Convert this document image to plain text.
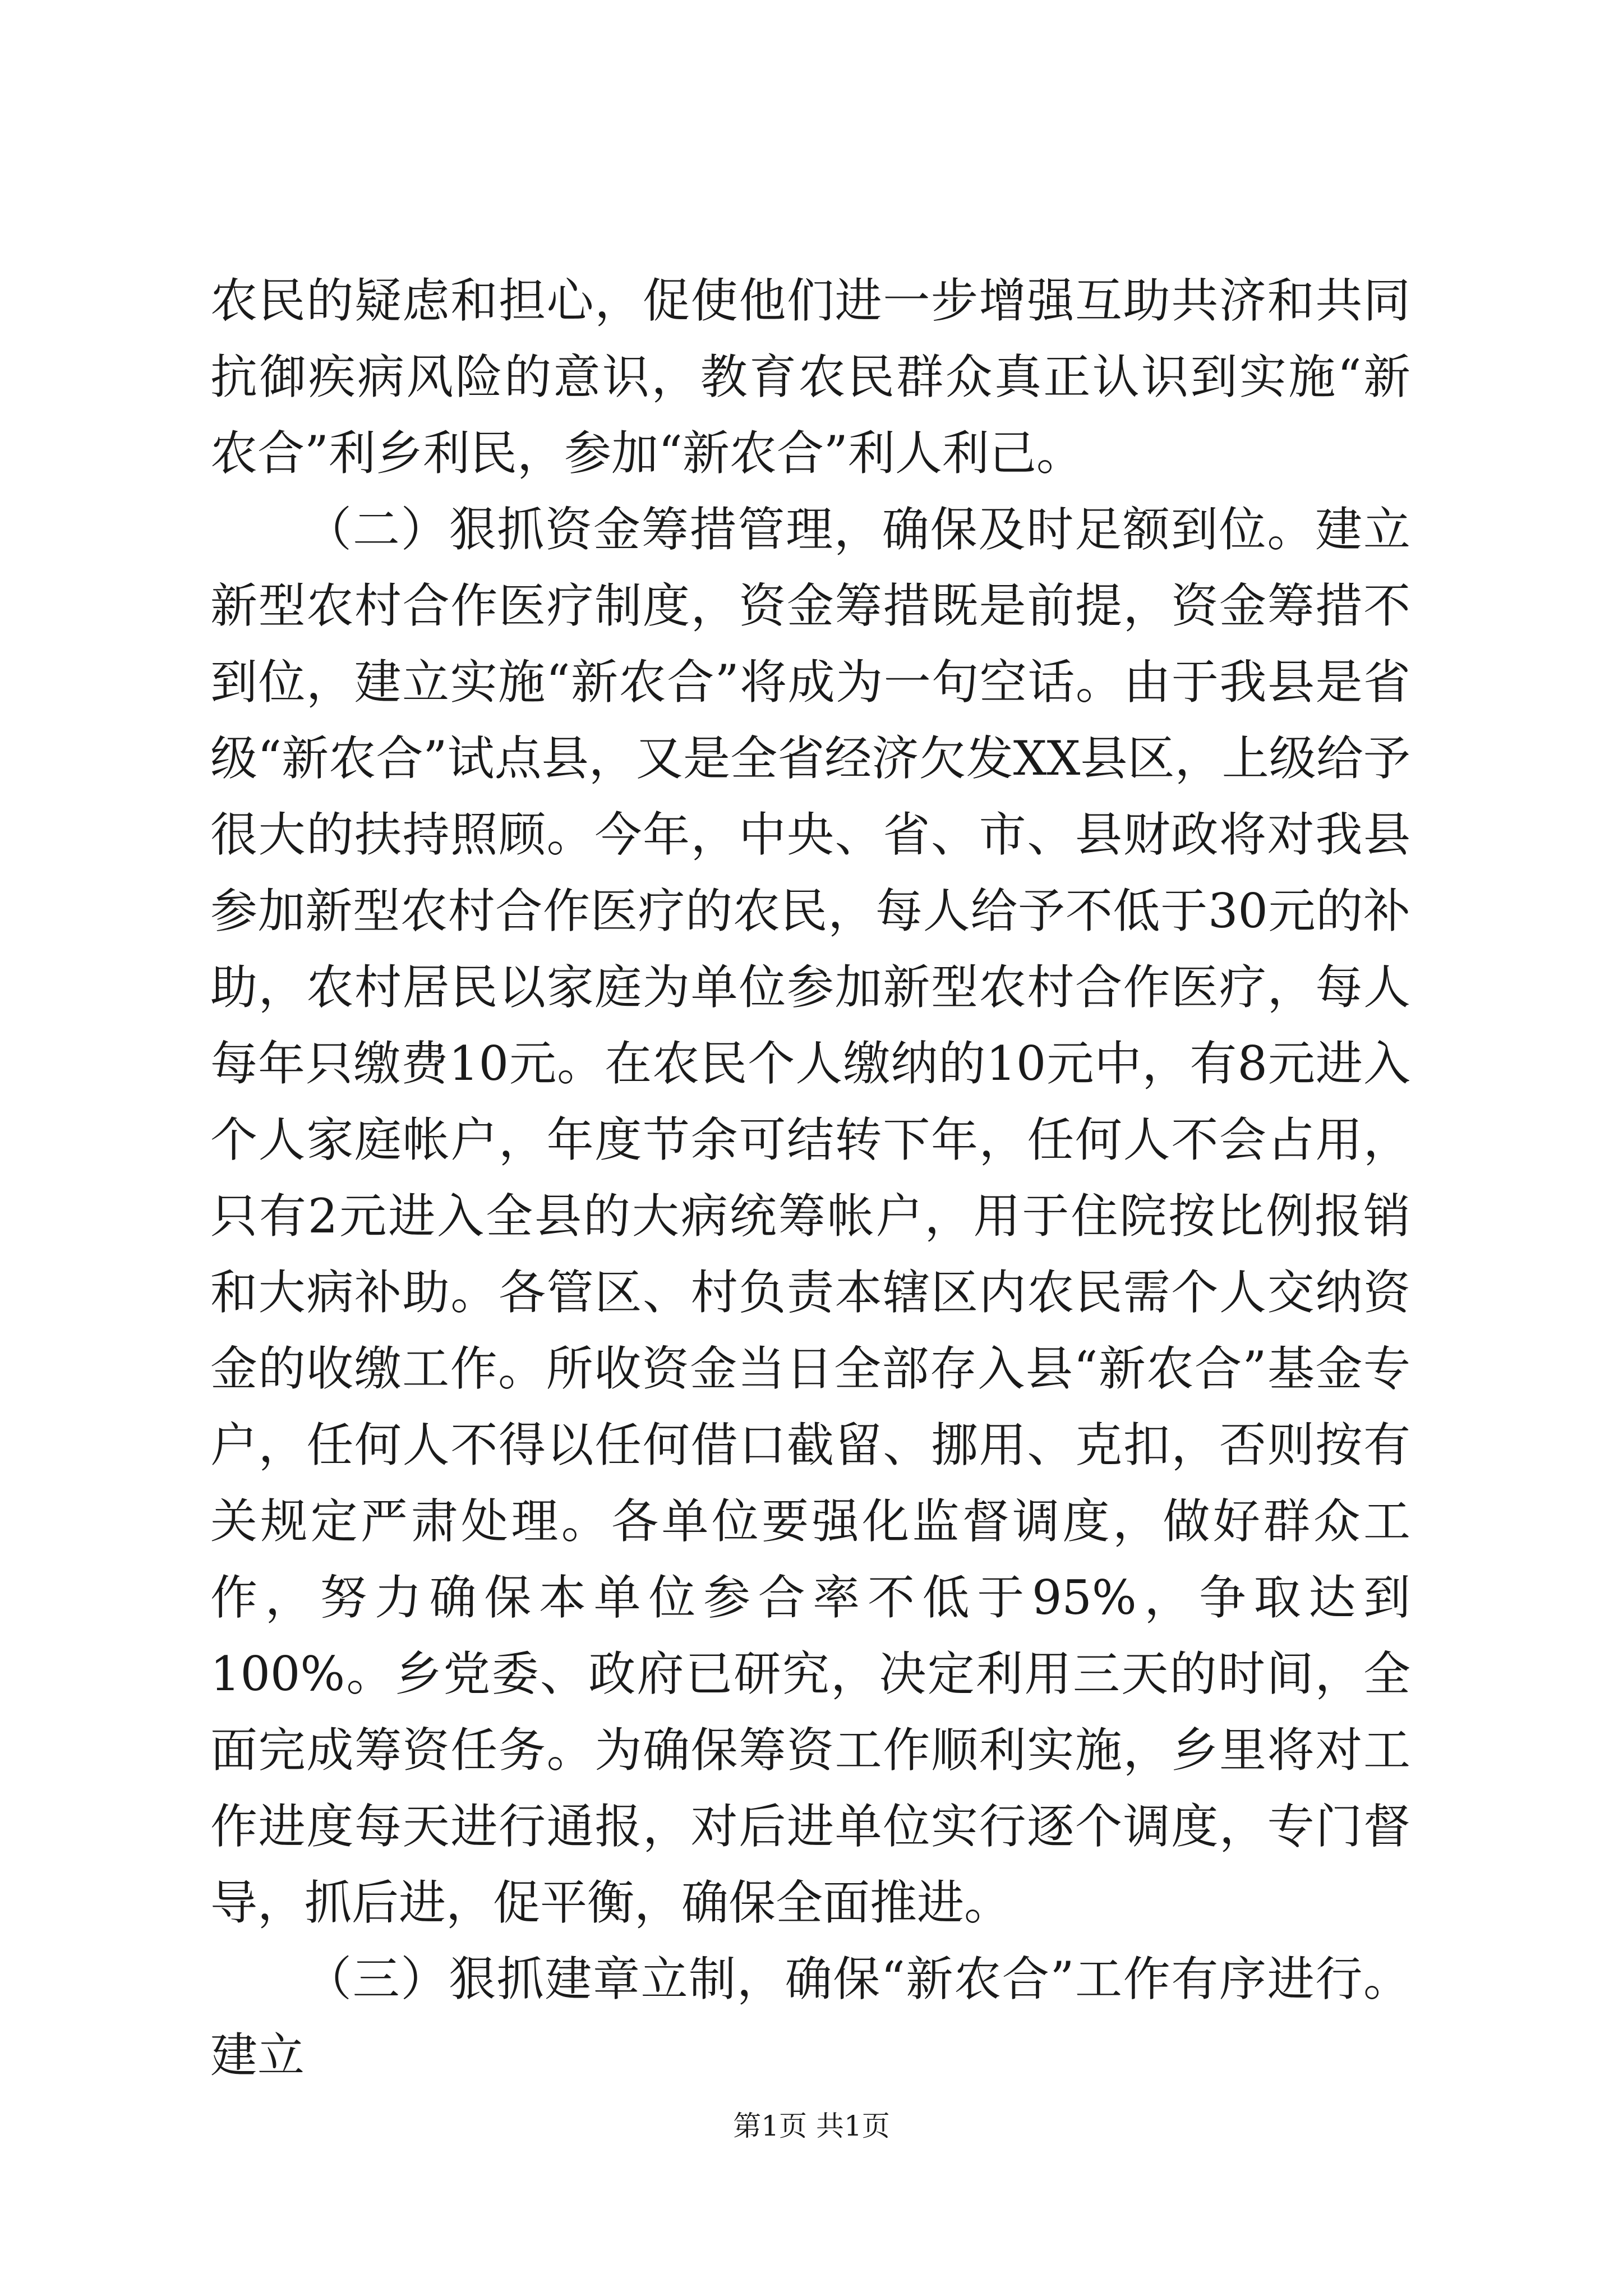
农民的疑虑和担心，促使他们进一步增强互助共济和共同抗御疾病风险的意识，教育农民群众真正认识到实施“新农合”利乡利民，参加“新农合”利人利己。

（二）狠抓资金筹措管理，确保及时足额到位。建立新型农村合作医疗制度，资金筹措既是前提，资金筹措不到位，建立实施“新农合”将成为一句空话。由于我县是省级“新农合”试点县，又是全省经济欠发XX县区，上级给予很大的扶持照顾。今年，中央、省、市、县财政将对我县参加新型农村合作医疗的农民，每人给予不低于30元的补助，农村居民以家庭为单位参加新型农村合作医疗，每人每年只缴费10元。在农民个人缴纳的10元中，有8元进入个人家庭帐户，年度节余可结转下年，任何人不会占用，只有2元进入全县的大病统筹帐户，用于住院按比例报销和大病补助。各管区、村负责本辖区内农民需个人交纳资金的收缴工作。所收资金当日全部存入县“新农合”基金专户，任何人不得以任何借口截留、挪用、克扣，否则按有关规定严肃处理。各单位要强化监督调度，做好群众工作，努力确保本单位参合率不低于95%，争取达到100%。乡党委、政府已研究，决定利用三天的时间，全面完成筹资任务。为确保筹资工作顺利实施，乡里将对工作进度每天进行通报，对后进单位实行逐个调度，专门督导，抓后进，促平衡，确保全面推进。

（三）狠抓建章立制，确保“新农合”工作有序进行。建立

第1页 共1页
